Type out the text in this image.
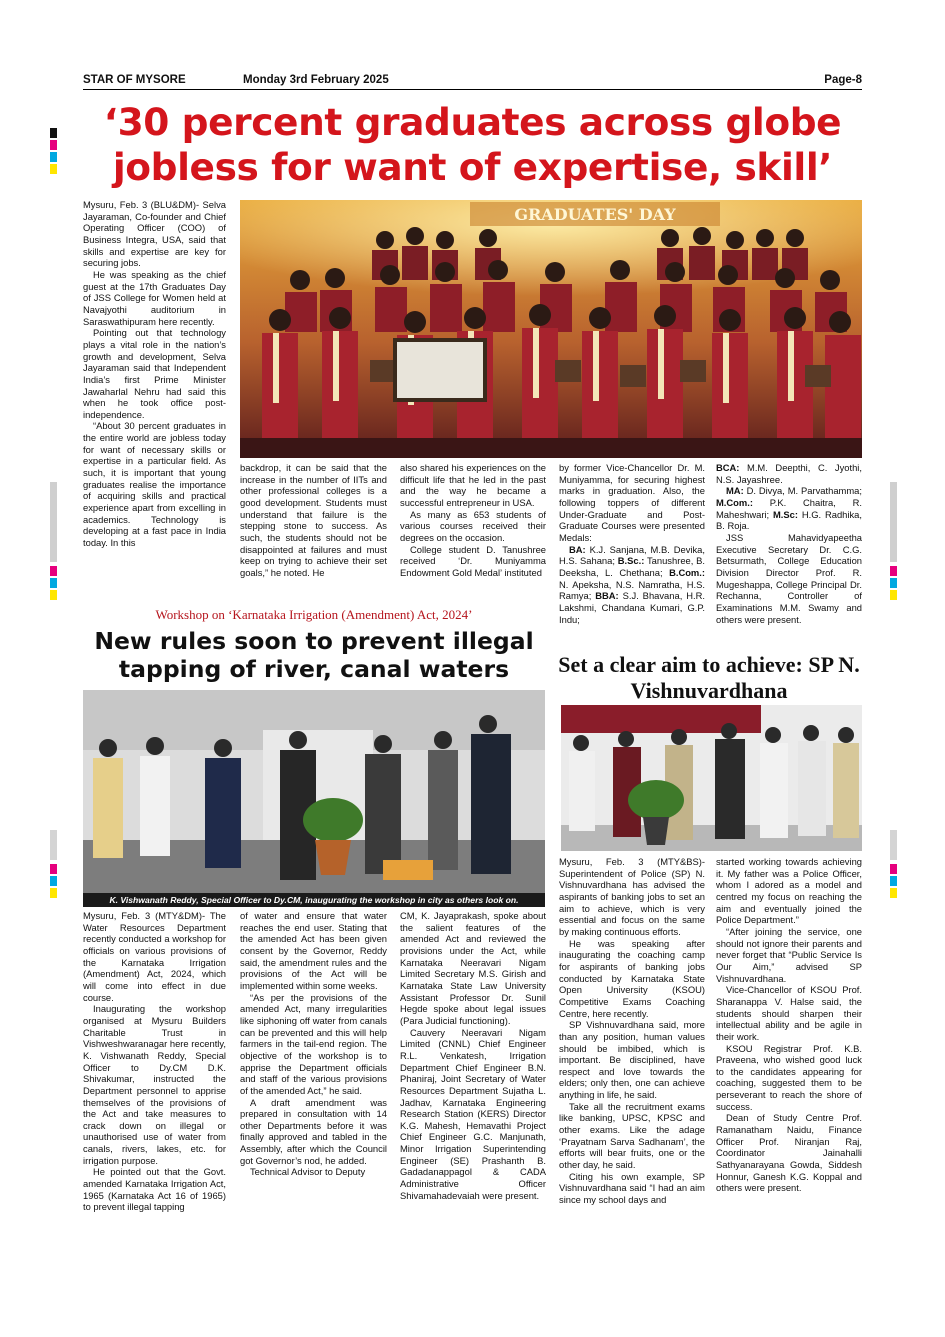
STAR OF MYSORE	Monday 3rd February 2025	Page-8
‘30 percent graduates across globe jobless for want of expertise, skill’
GRADUATES' DAY

Mysuru, Feb. 3 (BLU&DM)- Selva Jayaraman, Co-founder and Chief Operating Officer (COO) of Business Integra, USA, said that skills and expertise are key for securing jobs.

He was speaking as the chief guest at the 17th Graduates Day of JSS College for Women held at Navajyothi auditorium in Saraswathipuram here recently.

Pointing out that technology plays a vital role in the nation’s growth and development, Selva Jayaraman said that Independent India’s first Prime Minister Jawaharlal Nehru had said this when he took office post-independence.

“About 30 percent graduates in the entire world are jobless today for want of necessary skills or expertise in a particular field. As such, it is important that young graduates realise the importance of acquiring skills and practical experience apart from excelling in academics. Technology is developing at a fast pace in India today. In this

backdrop, it can be said that the increase in the number of IITs and other professional colleges is a good development. Students must understand that failure is the stepping stone to success. As such, the students should not be disappointed at failures and must keep on trying to achieve their set goals,” he noted. He

also shared his experiences on the difficult life that he led in the past and the way he became a successful entrepreneur in USA.

As many as 653 students of various courses received their degrees on the occasion.

College student D. Tanushree received ‘Dr. Muniyamma Endowment Gold Medal’ instituted

by former Vice-Chancellor Dr. M. Muniyamma, for securing highest marks in graduation. Also, the following toppers of different Under-Graduate and Post-Graduate Courses were presented Medals:

BA: K.J. Sanjana, M.B. Devika, H.S. Sahana; B.Sc.: Tanushree, B. Deeksha, L. Chethana; B.Com.: N. Apeksha, N.S. Namratha, H.S. Ramya; BBA: S.J. Bhavana, H.R. Lakshmi, Chandana Kumari, G.P. Indu;

BCA: M.M. Deepthi, C. Jyothi, N.S. Jayashree.

MA: D. Divya, M. Parvathamma; M.Com.: P.K. Chaitra, R. Maheshwari; M.Sc: H.G. Radhika, B. Roja.

JSS Mahavidyapeetha Executive Secretary Dr. C.G. Betsurmath, College Education Division Director Prof. R. Mugeshappa, College Principal Dr. Rechanna, Controller of Examinations M.M. Swamy and others were present.

Workshop on ‘Karnataka Irrigation (Amendment) Act, 2024’
New rules soon to prevent illegal tapping of river, canal waters
K. Vishwanath Reddy, Special Officer to Dy.CM, inaugurating the workshop in city as others look on.

Mysuru, Feb. 3 (MTY&DM)- The Water Resources Department recently conducted a workshop for officials on various provisions of the Karnataka Irrigation (Amendment) Act, 2024, which will come into effect in due course.

Inaugurating the workshop organised at Mysuru Builders Charitable Trust in Vishweshwaranagar here recently, K. Vishwanath Reddy, Special Officer to Dy.CM D.K. Shivakumar, instructed the Department personnel to apprise themselves of the provisions of the Act and take measures to crack down on illegal or unauthorised use of water from canals, rivers, lakes, etc. for irrigation purpose.

He pointed out that the Govt. amended Karnataka Irrigation Act, 1965 (Karnataka Act 16 of 1965) to prevent illegal tapping

of water and ensure that water reaches the end user. Stating that the amended Act has been given consent by the Governor, Reddy said, the amendment rules and the provisions of the Act will be implemented within some weeks.

“As per the provisions of the amended Act, many irregularities like siphoning off water from canals can be prevented and this will help farmers in the tail-end region. The objective of the workshop is to apprise the Department officials and staff of the various provisions of the amended Act,” he said.

A draft amendment was prepared in consultation with 14 other Departments before it was finally approved and tabled in the Assembly, after which the Council got Governor’s nod, he added.

Technical Advisor to Deputy

CM, K. Jayaprakash, spoke about the salient features of the amended Act and reviewed the provisions under the Act, while Karnataka Neeravari Nigam Limited Secretary M.S. Girish and Karnataka State Law University Assistant Professor Dr. Sunil Hegde spoke about legal issues (Para Judicial functioning).

Cauvery Neeravari Nigam Limited (CNNL) Chief Engineer R.L. Venkatesh, Irrigation Department Chief Engineer B.N. Phaniraj, Joint Secretary of Water Resources Department Sujatha L. Jadhav, Karnataka Engineering Research Station (KERS) Director K.G. Mahesh, Hemavathi Project Chief Engineer G.C. Manjunath, Minor Irrigation Superintending Engineer (SE) Prashanth B. Gadadanappagol & CADA Administrative Officer Shivamahadevaiah were present.

Set a clear aim to achieve: SP N. Vishnuvardhana

Mysuru, Feb. 3 (MTY&BS)- Superintendent of Police (SP) N. Vishnuvardhana has advised the aspirants of banking jobs to set an aim to achieve, which is very essential and focus on the same by making continuous efforts.

He was speaking after inaugurating the coaching camp for aspirants of banking jobs conducted by Karnataka State Open University (KSOU) Competitive Exams Coaching Centre, here recently.

SP Vishnuvardhana said, more than any position, human values should be imbibed, which is important. Be disciplined, have respect and love towards the elders; only then, one can achieve anything in life, he said.

Take all the recruitment exams like banking, UPSC, KPSC and other exams. Like the adage ‘Prayatnam Sarva Sadhanam’, the efforts will bear fruits, one or the other day, he said.

Citing his own example, SP Vishnuvardhana said “I had an aim since my school days and

started working towards achieving it. My father was a Police Officer, whom I adored as a model and centred my focus on reaching the aim and eventually joined the Police Department.”

“After joining the service, one should not ignore their parents and never forget that “Public Service Is Our Aim,” advised SP Vishnuvardhana.

Vice-Chancellor of KSOU Prof. Sharanappa V. Halse said, the students should sharpen their intellectual ability and be agile in their work.

KSOU Registrar Prof. K.B. Praveena, who wished good luck to the candidates appearing for coaching, suggested them to be perseverant to reach the shore of success.

Dean of Study Centre Prof. Ramanatham Naidu, Finance Officer Prof. Niranjan Raj, Coordinator Jainahalli Sathyanarayana Gowda, Siddesh Honnur, Ganesh K.G. Koppal and others were present.
